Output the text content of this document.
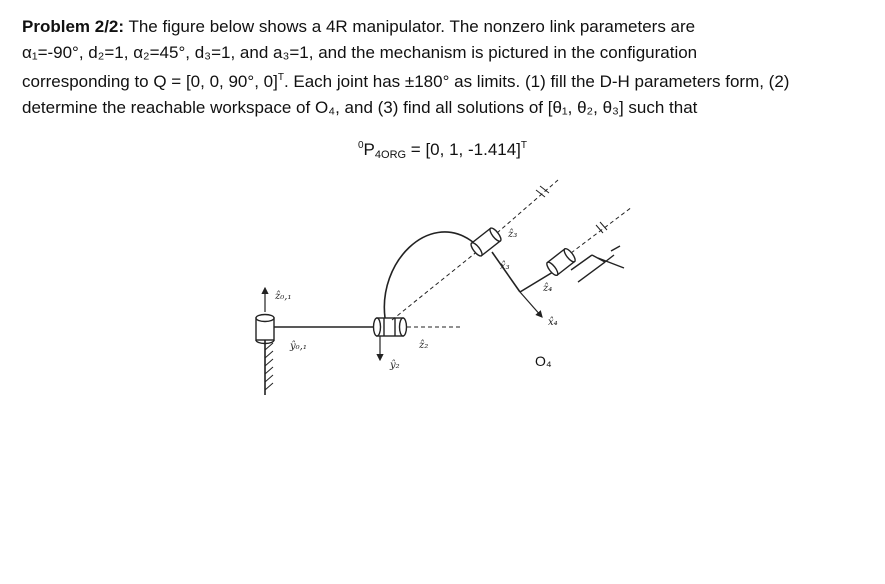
Problem 2/2: The figure below shows a 4R manipulator. The nonzero link parameters are

α₁=-90°, d₂=1, α₂=45°, d₃=1, and a₃=1, and the mechanism is pictured in the configuration

corresponding to Q = [0, 0, 90°, 0]$^T$. Each joint has ±180° as limits. (1) fill the D-H parameters form, (2)

determine the reachable workspace of O₄, and (3) find all solutions of [θ₁, θ₂, θ₃] such that

$^0P_{4ORG} = [0$, 1, -1.414]$^T$
ẑ₀,₁
ŷ₀,₁	ẑ₂
ŷ₂
ẑ₃
x̂₃
x̂₄
ẑ₄
O₄
